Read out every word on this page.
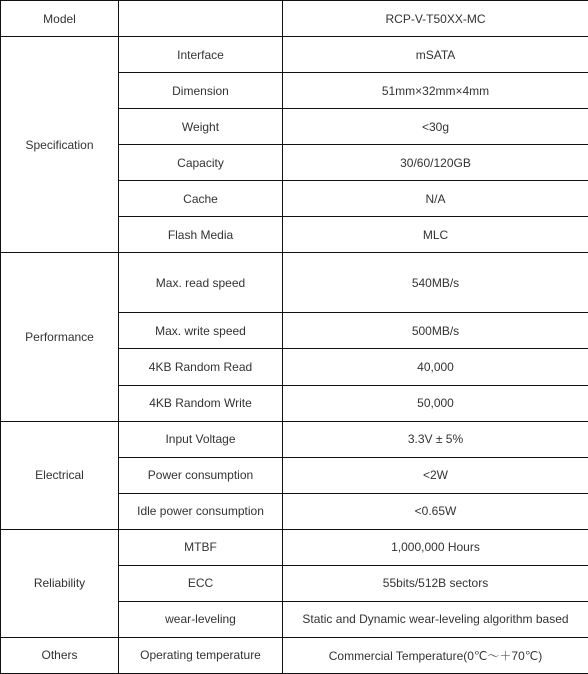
Model		RCP-V-T50XX-MC
Specification	Interface	mSATA
	Dimension	51mm×32mm×4mm
	Weight	<30g
	Capacity	30/60/120GB
	Cache	N/A
	Flash Media	MLC
Performance	Max. read speed	540MB/s
	Max. write speed	500MB/s
	4KB Random Read	40,000
	4KB Random Write	50,000
Electrical	Input Voltage	3.3V ± 5%
	Power consumption	<2W
	Idle power consumption	<0.65W
Reliability	MTBF	1,000,000 Hours
	ECC	55bits/512B sectors
	wear-leveling	Static and Dynamic wear-leveling algorithm based
Others	Operating temperature	Commercial Temperature(0℃～＋70℃)
